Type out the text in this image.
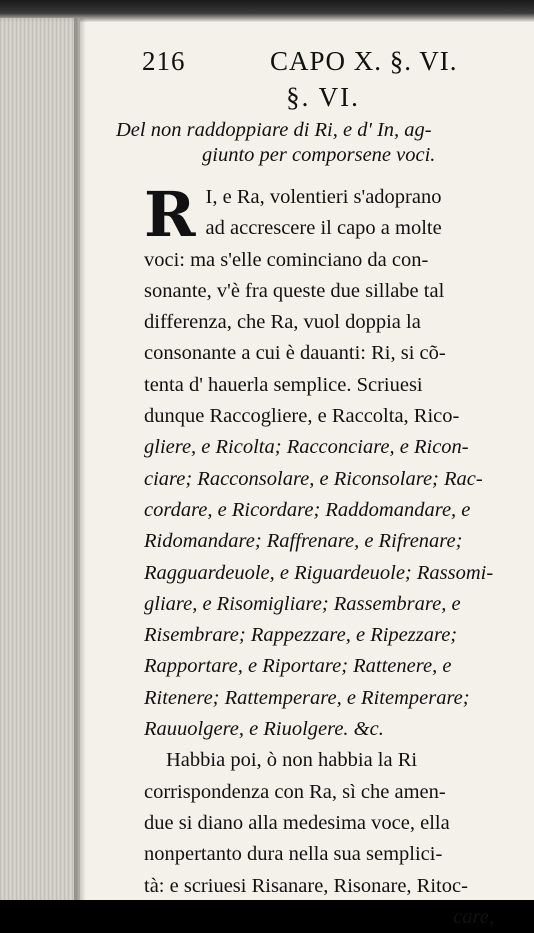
216	CAPO X. §. VI.
§. VI.
Del non raddoppiare di Ri, e d' In, ag-
giunto per comporsene voci.
R I, e Ra, volentieri s'adoprano
ad accrescere il capo a molte
voci: ma s'elle cominciano da con-
sonante, v'è fra queste due sillabe tal
differenza, che Ra, vuol doppia la
consonante a cui è dauanti: Ri, si cõ-
tenta d' hauerla semplice. Scriuesi
dunque Raccogliere, e Raccolta, Rico-
gliere, e Ricolta; Racconciare, e Ricon-
ciare; Racconsolare, e Riconsolare; Rac-
cordare, e Ricordare; Raddomandare, e
Ridomandare; Raffrenare, e Rifrenare;
Ragguardeuole, e Riguardeuole; Rassomi-
gliare, e Risomigliare; Rassembrare, e
Risembrare; Rappezzare, e Ripezzare;
Rapportare, e Riportare; Rattenere, e
Ritenere; Rattemperare, e Ritemperare;
Rauuolgere, e Riuolgere. &c.
Habbia poi, ò non habbia la Ri
corrispondenza con Ra, sì che amen-
due si diano alla medesima voce, ella
nonpertanto dura nella sua semplici-
tà: e scriuesi Risanare, Risonare, Ritoc-
care,
